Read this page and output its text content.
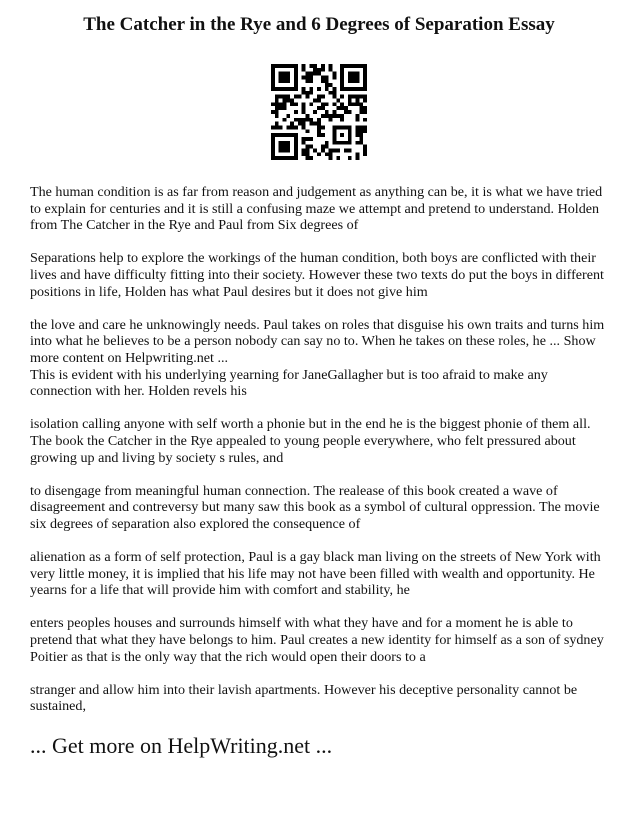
The Catcher in the Rye and 6 Degrees of Separation Essay

The human condition is as far from reason and judgement as anything can be, it is what we have tried
to explain for centuries and it is still a confusing maze we attempt and pretend to understand. Holden
from The Catcher in the Rye and Paul from Six degrees of

Separations help to explore the workings of the human condition, both boys are conflicted with their
lives and have difficulty fitting into their society. However these two texts do put the boys in different
positions in life, Holden has what Paul desires but it does not give him

the love and care he unknowingly needs. Paul takes on roles that disguise his own traits and turns him
into what he believes to be a person nobody can say no to. When he takes on these roles, he ... Show
more content on Helpwriting.net ...

This is evident with his underlying yearning for JaneGallagher but is too afraid to make any
connection with her. Holden revels his

isolation calling anyone with self worth a phonie but in the end he is the biggest phonie of them all.
The book the Catcher in the Rye appealed to young people everywhere, who felt pressured about
growing up and living by society s rules, and

to disengage from meaningful human connection. The realease of this book created a wave of
disagreement and contreversy but many saw this book as a symbol of cultural oppression. The movie
six degrees of separation also explored the consequence of

alienation as a form of self protection, Paul is a gay black man living on the streets of New York with
very little money, it is implied that his life may not have been filled with wealth and opportunity. He
yearns for a life that will provide him with comfort and stability, he

enters peoples houses and surrounds himself with what they have and for a moment he is able to
pretend that what they have belongs to him. Paul creates a new identity for himself as a son of sydney
Poitier as that is the only way that the rich would open their doors to a

stranger and allow him into their lavish apartments. However his deceptive personality cannot be
sustained,

... Get more on HelpWriting.net ...
